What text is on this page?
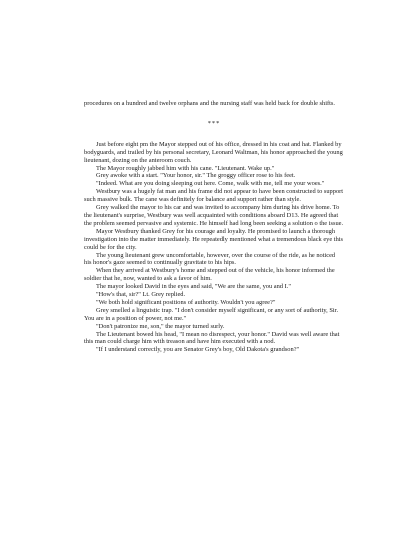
procedures on a hundred and twelve orphans and the nursing staff was held back for double shifts.

***

Just before eight pm the Mayor stepped out of his office, dressed in his coat and hat. Flanked by bodyguards, and trailed by his personal secretary, Leonard Waltman, his honor approached the young lieutenant, dozing on the anteroom couch.

The Mayor roughly jabbed him with his cane. "Lieutenant. Wake up."

Grey awoke with a start. "Your honor, sir." The groggy officer rose to his feet.

"Indeed. What are you doing sleeping out here. Come, walk with me, tell me your woes."

Westbury was a hugely fat man and his frame did not appear to have been constructed to support such massive bulk. The cane was definitely for balance and support rather than style.

Grey walked the mayor to his car and was invited to accompany him during his drive home. To the lieutenant's surprise, Westbury was well acquainted with conditions aboard D13. He agreed that the problem seemed pervasive and systemic. He himself had long been seeking a solution o the issue.

Mayor Westbury thanked Grey for his courage and loyalty. He promised to launch a thorough investigation into the matter immediately. He repeatedly mentioned what a tremendous black eye this could be for the city.

The young lieutenant grew uncomfortable, however, over the course of the ride, as he noticed his honor's gaze seemed to continually gravitate to his hips.

When they arrived at Westbury's home and stepped out of the vehicle, his honor informed the soldier that he, now, wanted to ask a favor of him.

The mayor looked David in the eyes and said, "We are the same, you and I."

"How's that, sir?" Lt. Grey replied.

"We both hold significant positions of authority. Wouldn't you agree?"

Grey smelled a linguistic trap. "I don't consider myself significant, or any sort of authority, Sir. You are in a position of power, not me."

"Don't patronize me, son," the mayor turned surly.

The Lieutenant bowed his head, "I mean no disrespect, your honor." David was well aware that this man could charge him with treason and have him executed with a nod.

"If I understand correctly, you are Senator Grey's boy, Old Dakota's grandson?"
